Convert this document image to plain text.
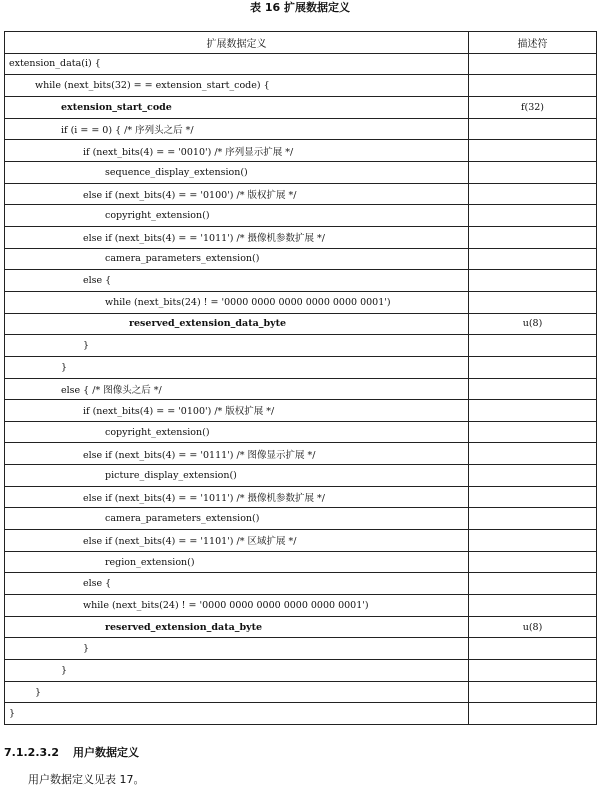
表 16 扩展数据定义
扩展数据定义	描述符
extension_data(i) {	
while (next_bits(32) = = extension_start_code) {	
extension_start_code	f(32)
if (i = = 0) { /* 序列头之后 */	
if (next_bits(4) = = '0010') /* 序列显示扩展 */	
sequence_display_extension()	
else if (next_bits(4) = = '0100') /* 版权扩展 */	
copyright_extension()	
else if (next_bits(4) = = '1011') /* 摄像机参数扩展 */	
camera_parameters_extension()	
else {	
while (next_bits(24) ! = '0000 0000 0000 0000 0000 0001')	
reserved_extension_data_byte	u(8)
}	
}	
else { /* 图像头之后 */	
if (next_bits(4) = = '0100') /* 版权扩展 */	
copyright_extension()	
else if (next_bits(4) = = '0111') /* 图像显示扩展 */	
picture_display_extension()	
else if (next_bits(4) = = '1011') /* 摄像机参数扩展 */	
camera_parameters_extension()	
else if (next_bits(4) = = '1101') /* 区域扩展 */	
region_extension()	
else {	
while (next_bits(24) ! = '0000 0000 0000 0000 0000 0001')	
reserved_extension_data_byte	u(8)
}	
}	
}	
}	
7.1.2.3.2 用户数据定义
用户数据定义见表 17。
